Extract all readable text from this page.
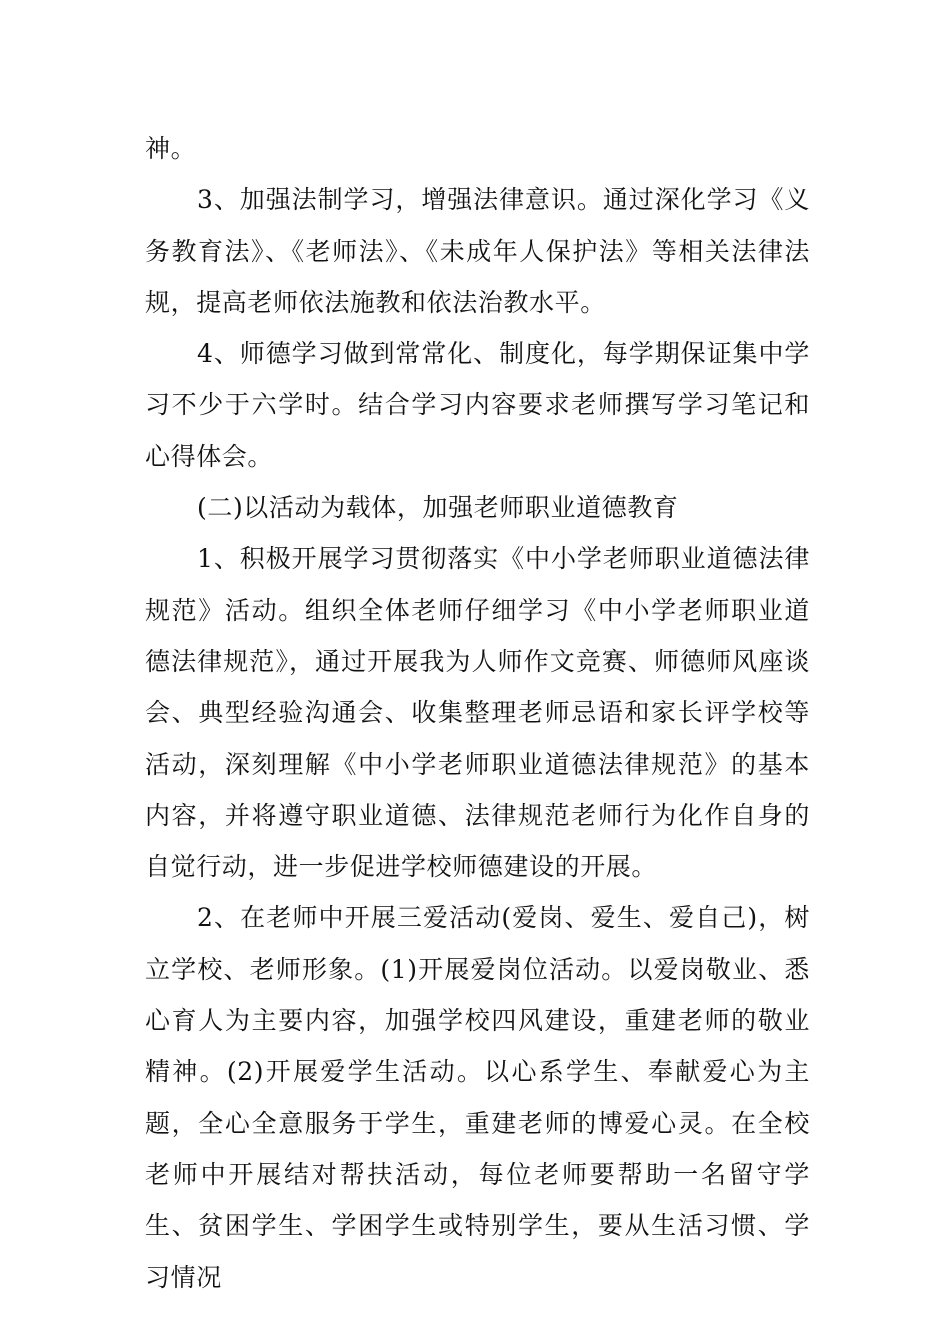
神。

3、加强法制学习，增强法律意识。通过深化学习《义务教育法》、《老师法》、《未成年人保护法》等相关法律法规，提高老师依法施教和依法治教水平。

4、师德学习做到常常化、制度化，每学期保证集中学习不少于六学时。结合学习内容要求老师撰写学习笔记和心得体会。

(二)以活动为载体，加强老师职业道德教育

1、积极开展学习贯彻落实《中小学老师职业道德法律规范》活动。组织全体老师仔细学习《中小学老师职业道德法律规范》，通过开展我为人师作文竞赛、师德师风座谈会、典型经验沟通会、收集整理老师忌语和家长评学校等活动，深刻理解《中小学老师职业道德法律规范》的基本内容，并将遵守职业道德、法律规范老师行为化作自身的自觉行动，进一步促进学校师德建设的开展。

2、在老师中开展三爱活动(爱岗、爱生、爱自己)，树立学校、老师形象。(1)开展爱岗位活动。以爱岗敬业、悉心育人为主要内容，加强学校四风建设，重建老师的敬业精神。(2)开展爱学生活动。以心系学生、奉献爱心为主题，全心全意服务于学生，重建老师的博爱心灵。在全校老师中开展结对帮扶活动，每位老师要帮助一名留守学生、贫困学生、学困学生或特别学生，要从生活习惯、学习情况
